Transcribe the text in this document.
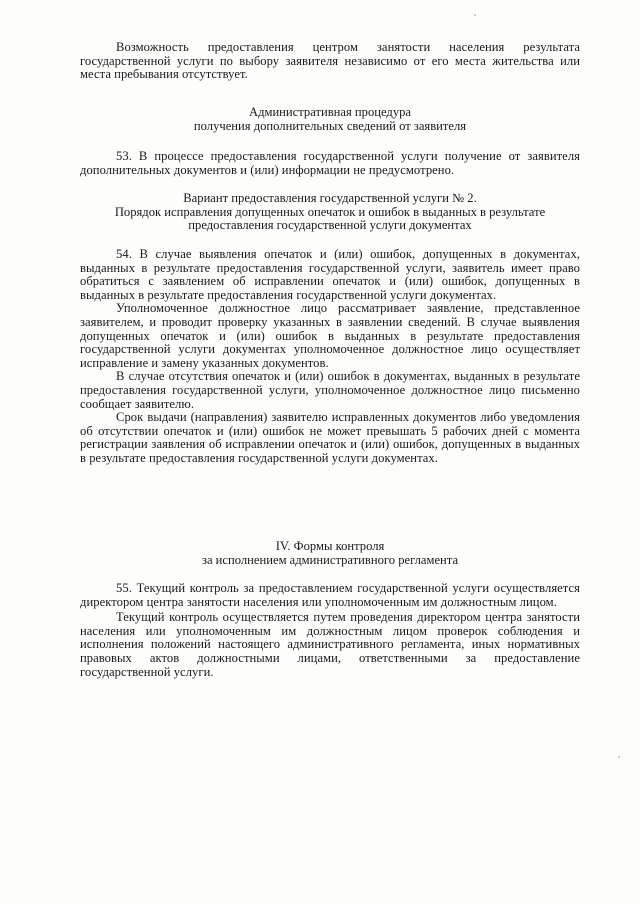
Возможность предоставления центром занятости населения результата государственной услуги по выбору заявителя независимо от его места жительства или места пребывания отсутствует.

Административная процедура

получения дополнительных сведений от заявителя

53. В процессе предоставления государственной услуги получение от заявителя дополнительных документов и (или) информации не предусмотрено.

Вариант предоставления государственной услуги № 2.

Порядок исправления допущенных опечаток и ошибок в выданных в результате

предоставления государственной услуги документах

54. В случае выявления опечаток и (или) ошибок, допущенных в документах, выданных в результате предоставления государственной услуги, заявитель имеет право обратиться с заявлением об исправлении опечаток и (или) ошибок, допущенных в выданных в результате предоставления государственной услуги документах.

Уполномоченное должностное лицо рассматривает заявление, представленное заявителем, и проводит проверку указанных в заявлении сведений. В случае выявления допущенных опечаток и (или) ошибок в выданных в результате предоставления государственной услуги документах уполномоченное должностное лицо осуществляет исправление и замену указанных документов.

В случае отсутствия опечаток и (или) ошибок в документах, выданных в результате предоставления государственной услуги, уполномоченное должностное лицо письменно сообщает заявителю.

Срок выдачи (направления) заявителю исправленных документов либо уведомления об отсутствии опечаток и (или) ошибок не может превышать 5 рабочих дней с момента регистрации заявления об исправлении опечаток и (или) ошибок, допущенных в выданных в результате предоставления государственной услуги документах.

IV. Формы контроля

за исполнением административного регламента

55. Текущий контроль за предоставлением государственной услуги осуществляется директором центра занятости населения или уполномоченным им должностным лицом.

Текущий контроль осуществляется путем проведения директором центра занятости населения или уполномоченным им должностным лицом проверок соблюдения и исполнения положений настоящего административного регламента, иных нормативных правовых актов должностными лицами, ответственными за предоставление государственной услуги.
